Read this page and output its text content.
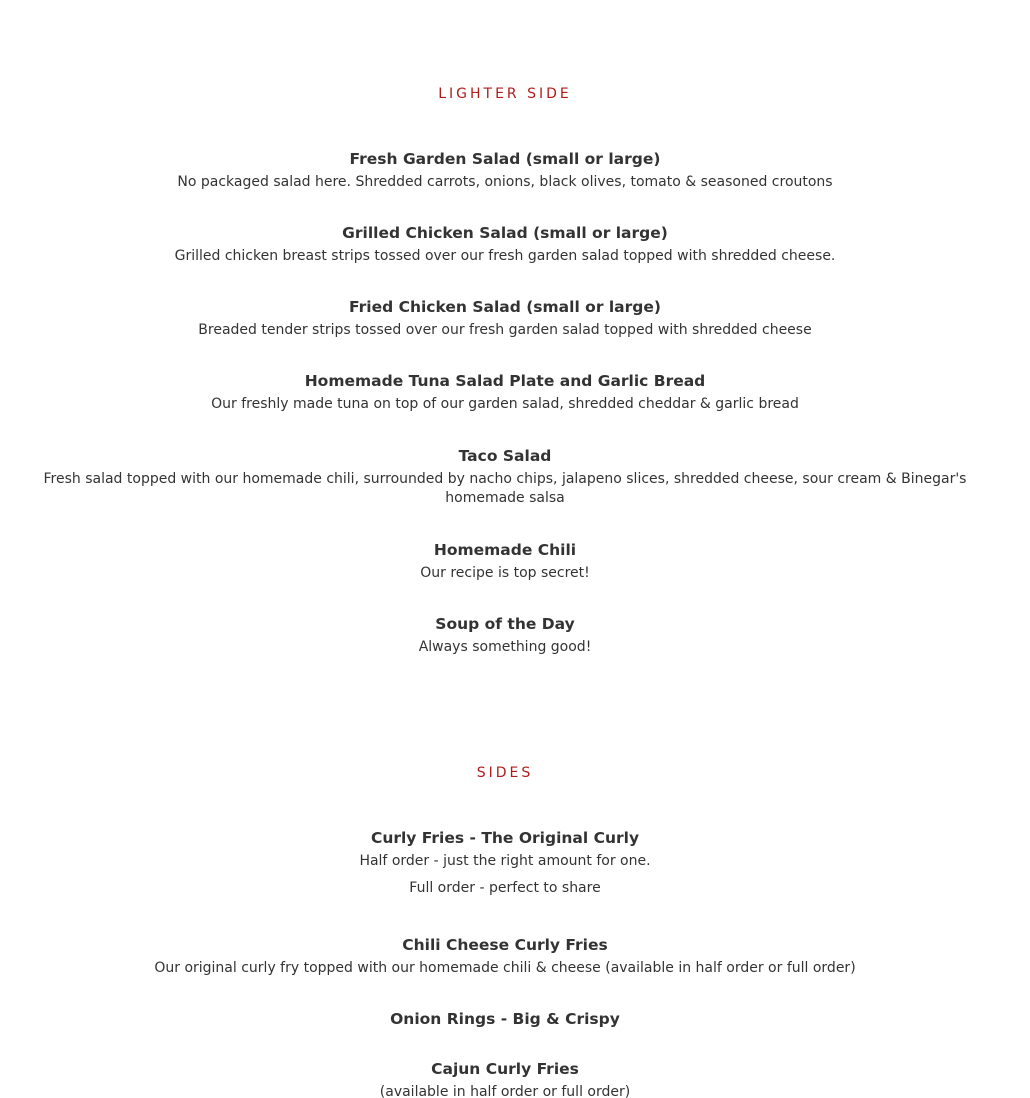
LIGHTER SIDE

Fresh Garden Salad (small or large)

No packaged salad here. Shredded carrots, onions, black olives, tomato & seasoned croutons

Grilled Chicken Salad (small or large)

Grilled chicken breast strips tossed over our fresh garden salad topped with shredded cheese.

Fried Chicken Salad (small or large)

Breaded tender strips tossed over our fresh garden salad topped with shredded cheese

Homemade Tuna Salad Plate and Garlic Bread

Our freshly made tuna on top of our garden salad, shredded cheddar & garlic bread

Taco Salad

Fresh salad topped with our homemade chili, surrounded by nacho chips, jalapeno slices, shredded cheese, sour cream & Binegar's homemade salsa

Homemade Chili

Our recipe is top secret!

Soup of the Day

Always something good!

SIDES

Curly Fries - The Original Curly

Half order - just the right amount for one.

Full order - perfect to share

Chili Cheese Curly Fries

Our original curly fry topped with our homemade chili & cheese (available in half order or full order)

Onion Rings - Big & Crispy

Cajun Curly Fries

(available in half order or full order)
